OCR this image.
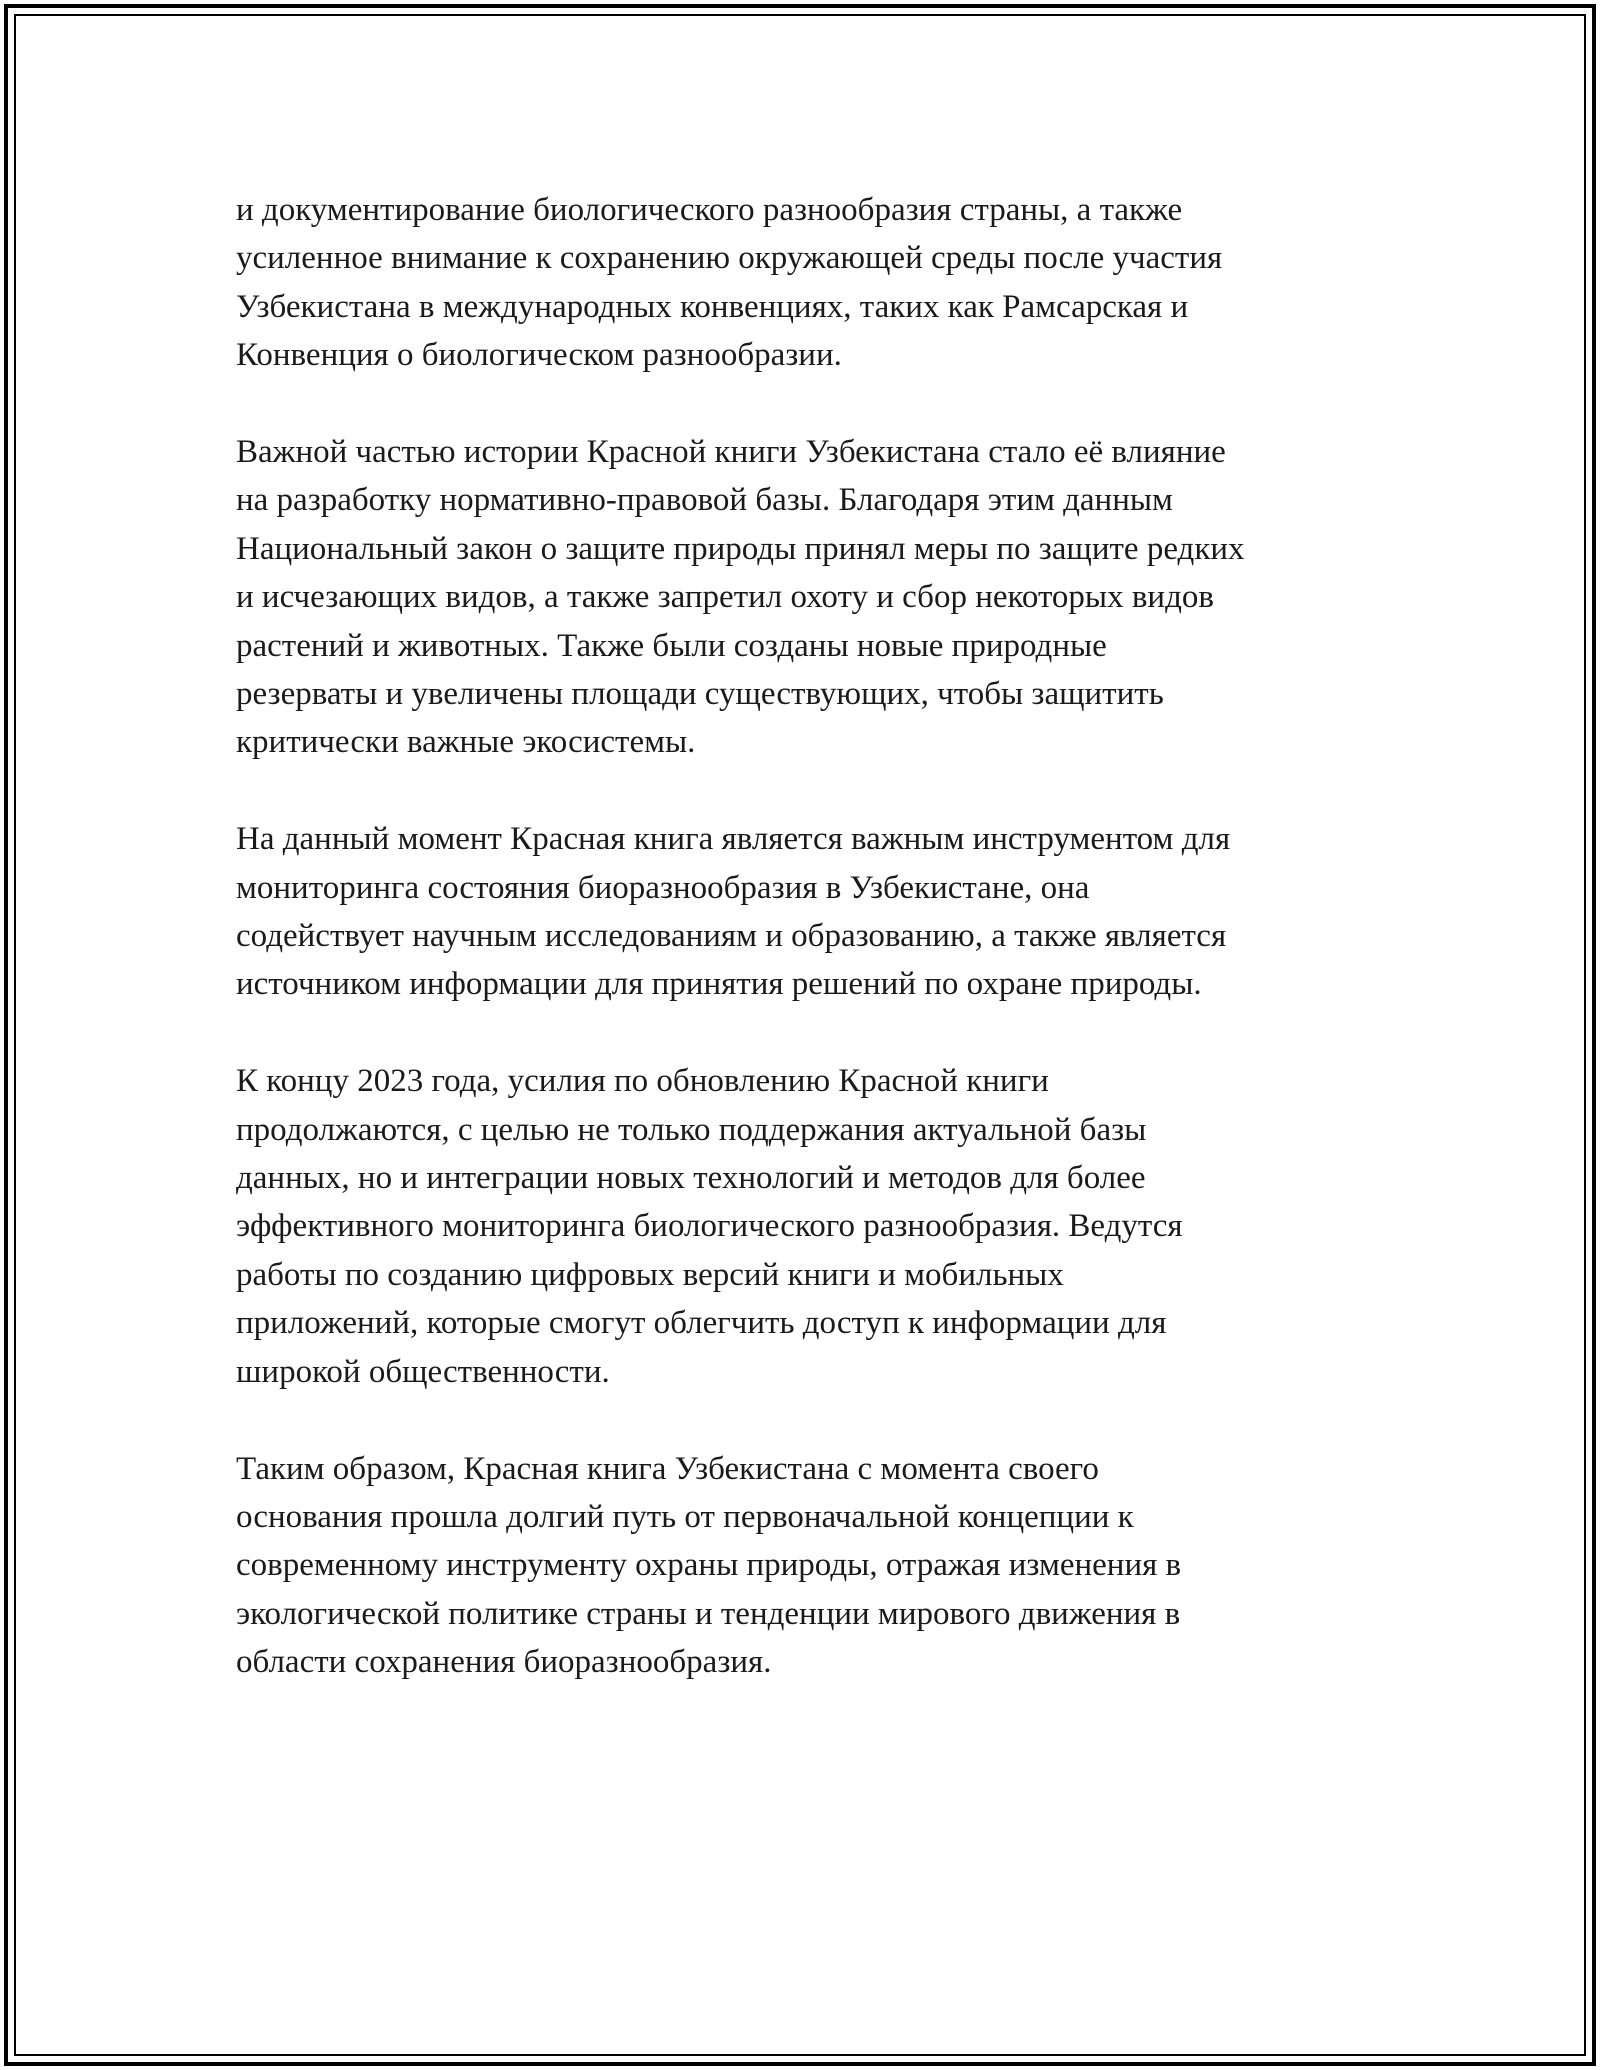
и документирование биологического разнообразия страны, а также
усиленное внимание к сохранению окружающей среды после участия
Узбекистана в международных конвенциях, таких как Рамсарская и
Конвенция о биологическом разнообразии.

Важной частью истории Красной книги Узбекистана стало её влияние
на разработку нормативно-правовой базы. Благодаря этим данным
Национальный закон о защите природы принял меры по защите редких
и исчезающих видов, а также запретил охоту и сбор некоторых видов
растений и животных. Также были созданы новые природные
резерваты и увеличены площади существующих, чтобы защитить
критически важные экосистемы.

На данный момент Красная книга является важным инструментом для
мониторинга состояния биоразнообразия в Узбекистане, она
содействует научным исследованиям и образованию, а также является
источником информации для принятия решений по охране природы.

К концу 2023 года, усилия по обновлению Красной книги
продолжаются, с целью не только поддержания актуальной базы
данных, но и интеграции новых технологий и методов для более
эффективного мониторинга биологического разнообразия. Ведутся
работы по созданию цифровых версий книги и мобильных
приложений, которые смогут облегчить доступ к информации для
широкой общественности.

Таким образом, Красная книга Узбекистана с момента своего
основания прошла долгий путь от первоначальной концепции к
современному инструменту охраны природы, отражая изменения в
экологической политике страны и тенденции мирового движения в
области сохранения биоразнообразия.
